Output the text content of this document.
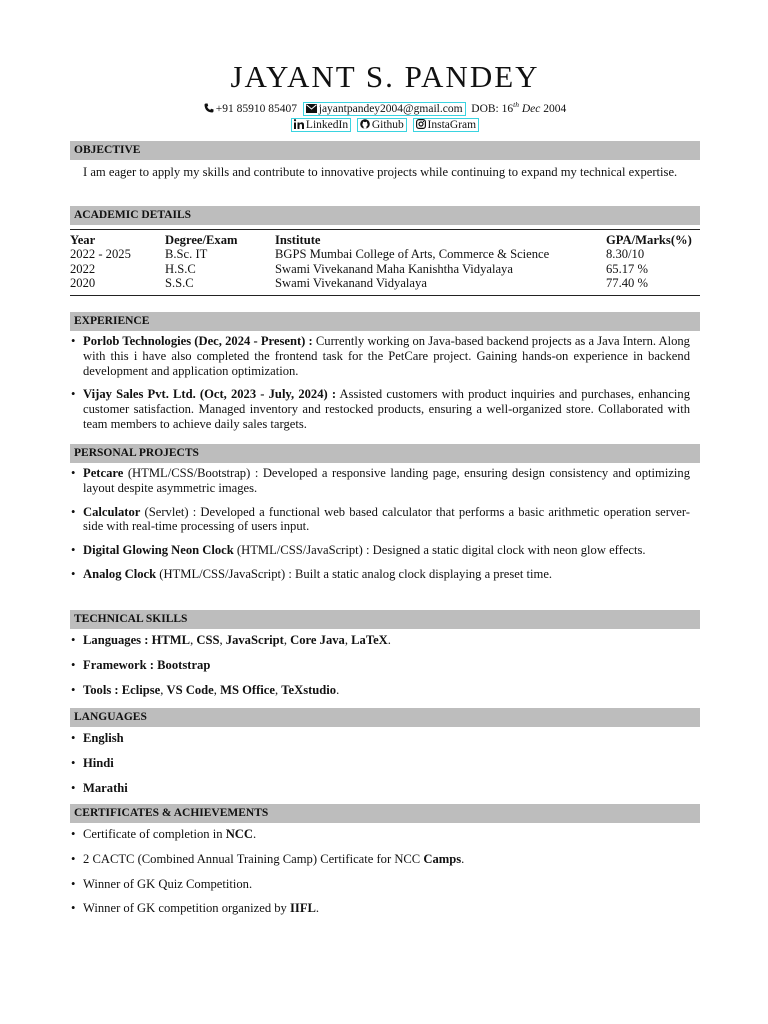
JAYANT S. PANDEY
+91 85910 85407 jayantpandey2004@gmail.com DOB: 16th Dec 2004
LinkedIn Github InstaGram
OBJECTIVE
I am eager to apply my skills and contribute to innovative projects while continuing to expand my technical expertise.
ACADEMIC DETAILS
Year	Degree/Exam	Institute	GPA/Marks(%)
2022 - 2025	B.Sc. IT	BGPS Mumbai College of Arts, Commerce & Science	8.30/10
2022	H.S.C	Swami Vivekanand Maha Kanishtha Vidyalaya	65.17 %
2020	S.S.C	Swami Vivekanand Vidyalaya	77.40 %
EXPERIENCE
• Porlob Technologies (Dec, 2024 - Present) : Currently working on Java-based backend projects as a Java Intern. Along with this i have also completed the frontend task for the PetCare project. Gaining hands-on experience in backend development and application optimization.
• Vijay Sales Pvt. Ltd. (Oct, 2023 - July, 2024) : Assisted customers with product inquiries and purchases, enhancing customer satisfaction. Managed inventory and restocked products, ensuring a well-organized store. Collaborated with team members to achieve daily sales targets.
PERSONAL PROJECTS
• Petcare (HTML/CSS/Bootstrap) : Developed a responsive landing page, ensuring design consistency and optimizing layout despite asymmetric images.
• Calculator (Servlet) : Developed a functional web based calculator that performs a basic arithmetic operation server-side with real-time processing of users input.
• Digital Glowing Neon Clock (HTML/CSS/JavaScript) : Designed a static digital clock with neon glow effects.
• Analog Clock (HTML/CSS/JavaScript) : Built a static analog clock displaying a preset time.
TECHNICAL SKILLS
• Languages : HTML, CSS, JavaScript, Core Java, LaTeX.
• Framework : Bootstrap
• Tools : Eclipse, VS Code, MS Office, TeXstudio.
LANGUAGES
• English
• Hindi
• Marathi
CERTIFICATES & ACHIEVEMENTS
• Certificate of completion in NCC.
• 2 CACTC (Combined Annual Training Camp) Certificate for NCC Camps.
• Winner of GK Quiz Competition.
• Winner of GK competition organized by IIFL.
